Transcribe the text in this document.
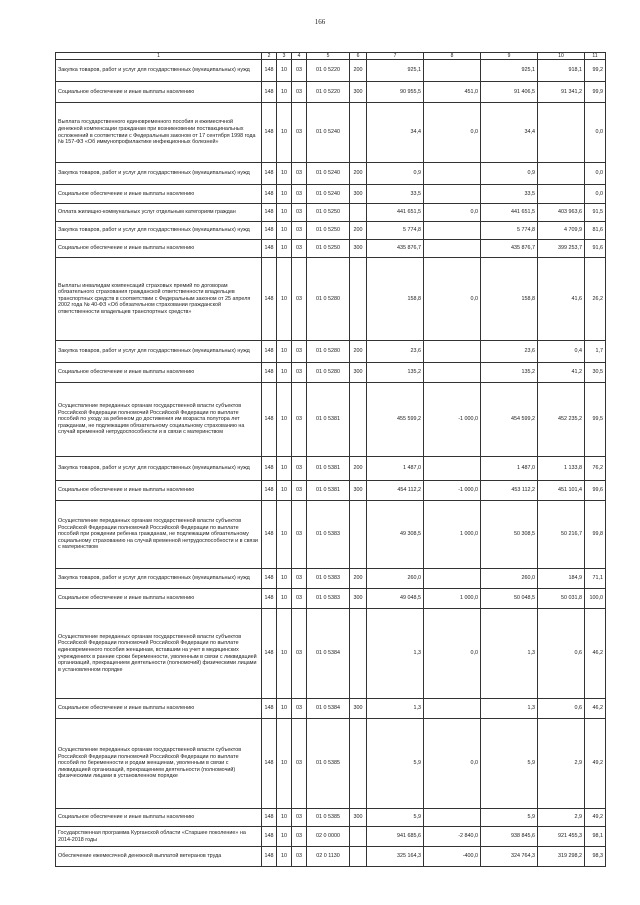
166
1	2	3	4	5	6	7	8	9	10	11
Закупка товаров, работ и услуг для государственных (муниципальных) нужд	148	10	03	01 0 5220	200	925,1		925,1	918,1	99,2
Социальное обеспечение и иные выплаты населению	148	10	03	01 0 5220	300	90 955,5	451,0	91 406,5	91 341,2	99,9
Выплата государственного единовременного пособия и ежемесячной денежной компенсации гражданам при возникновении поствакцинальных осложнений в соответствии с Федеральным законом от 17 сентября 1998 года № 157-ФЗ «Об иммунопрофилактике инфекционных болезней»	148	10	03	01 0 5240		34,4	0,0	34,4		0,0
Закупка товаров, работ и услуг для государственных (муниципальных) нужд	148	10	03	01 0 5240	200	0,9		0,9		0,0
Социальное обеспечение и иные выплаты населению	148	10	03	01 0 5240	300	33,5		33,5		0,0
Оплата жилищно-коммунальных услуг отдельным категориям граждан	148	10	03	01 0 5250		441 651,5	0,0	441 651,5	403 963,6	91,5
Закупка товаров, работ и услуг для государственных (муниципальных) нужд	148	10	03	01 0 5250	200	5 774,8		5 774,8	4 709,9	81,6
Социальное обеспечение и иные выплаты населению	148	10	03	01 0 5250	300	435 876,7		435 876,7	399 253,7	91,6
Выплаты инвалидам компенсаций страховых премий по договорам обязательного страхования гражданской ответственности владельцев транспортных средств в соответствии с Федеральным законом от 25 апреля 2002 года № 40-ФЗ «Об обязательном страховании гражданской ответственности владельцев транспортных средств»	148	10	03	01 0 5280		158,8	0,0	158,8	41,6	26,2
Закупка товаров, работ и услуг для государственных (муниципальных) нужд	148	10	03	01 0 5280	200	23,6		23,6	0,4	1,7
Социальное обеспечение и иные выплаты населению	148	10	03	01 0 5280	300	135,2		135,2	41,2	30,5
Осуществление переданных органам государственной власти субъектов Российской Федерации полномочий Российской Федерации по выплате пособий по уходу за ребенком до достижения им возраста полутора лет гражданам, не подлежащим обязательному социальному страхованию на случай временной нетрудоспособности и в связи с материнством	148	10	03	01 0 5381		455 599,2	-1 000,0	454 599,2	452 235,2	99,5
Закупка товаров, работ и услуг для государственных (муниципальных) нужд	148	10	03	01 0 5381	200	1 487,0		1 487,0	1 133,8	76,2
Социальное обеспечение и иные выплаты населению	148	10	03	01 0 5381	300	454 112,2	-1 000,0	453 112,2	451 101,4	99,6
Осуществление переданных органам государственной власти субъектов Российской Федерации полномочий Российской Федерации по выплате пособий при рождении ребенка гражданам, не подлежащим обязательному социальному страхованию на случай временной нетрудоспособности и в связи с материнством	148	10	03	01 0 5383		49 308,5	1 000,0	50 308,5	50 216,7	99,8
Закупка товаров, работ и услуг для государственных (муниципальных) нужд	148	10	03	01 0 5383	200	260,0		260,0	184,9	71,1
Социальное обеспечение и иные выплаты населению	148	10	03	01 0 5383	300	49 048,5	1 000,0	50 048,5	50 031,8	100,0
Осуществление переданных органам государственной власти субъектов Российской Федерации полномочий Российской Федерации по выплате единовременного пособия женщинам, вставшим на учет в медицинских учреждениях в ранние сроки беременности, уволенным в связи с ликвидацией организаций, прекращением деятельности (полномочий) физическими лицами в установленном порядке	148	10	03	01 0 5384		1,3	0,0	1,3	0,6	46,2
Социальное обеспечение и иные выплаты населению	148	10	03	01 0 5384	300	1,3		1,3	0,6	46,2
Осуществление переданных органам государственной власти субъектов Российской Федерации полномочий Российской Федерации по выплате пособий по беременности и родам женщинам, уволенным в связи с ликвидацией организаций, прекращением деятельности (полномочий) физическими лицами в установленном порядке	148	10	03	01 0 5385		5,9	0,0	5,9	2,9	49,2
Социальное обеспечение и иные выплаты населению	148	10	03	01 0 5385	300	5,9		5,9	2,9	49,2
Государственная программа Курганской области «Старшее поколение» на 2014-2018 годы	148	10	03	02 0 0000		941 685,6	-2 840,0	938 845,6	921 455,3	98,1
Обеспечение ежемесячной денежной выплатой ветеранов труда	148	10	03	02 0 1130		325 164,3	-400,0	324 764,3	319 298,2	98,3
